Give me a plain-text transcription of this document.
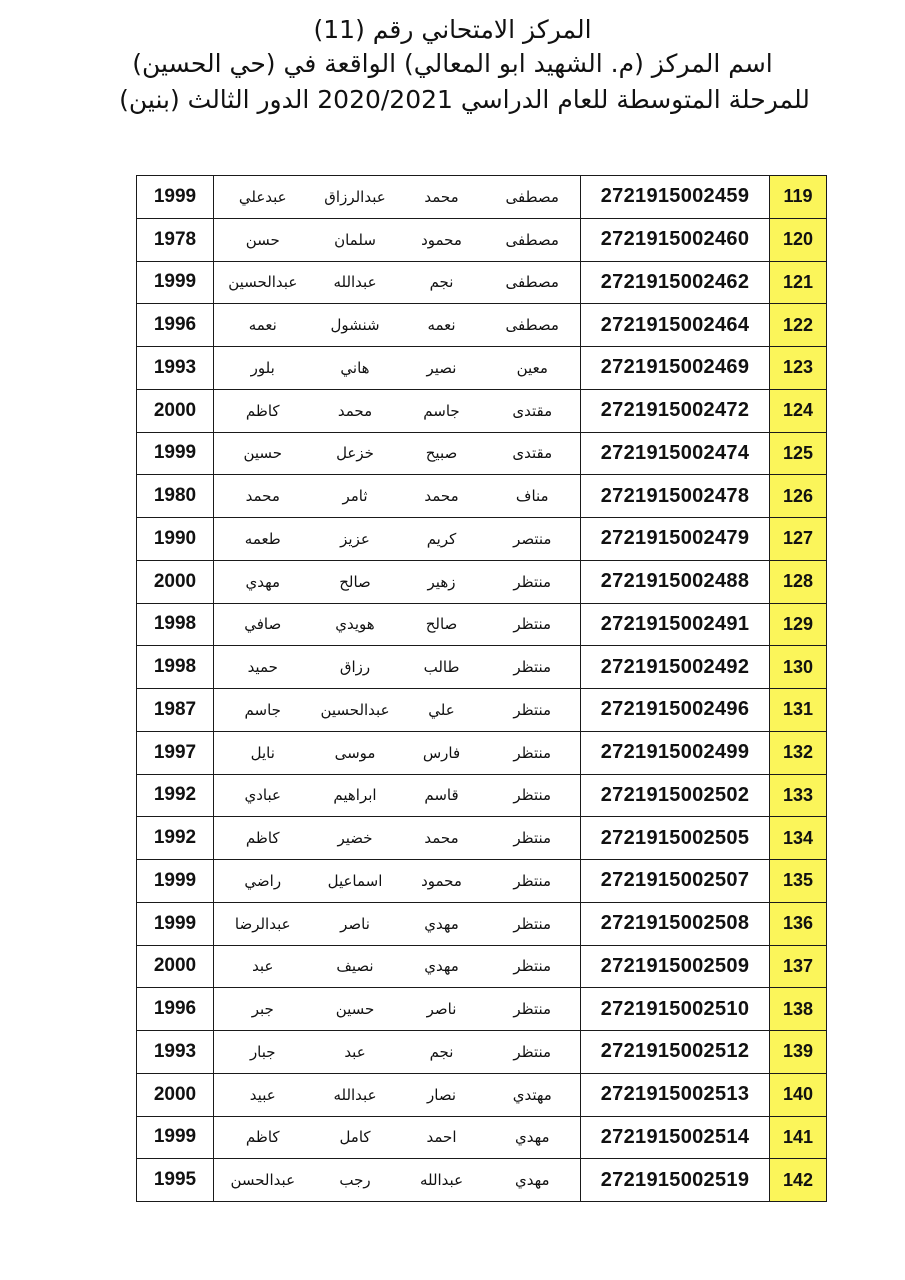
المركز الامتحاني رقم (11)
اسم المركز (م. الشهيد ابو المعالي) الواقعة في (حي الحسين)
للمرحلة المتوسطة للعام الدراسي 2020/2021 الدور الثالث (بنين)
119	2721915002459	مصطفى	محمد	عبدالرزاق	عبدعلي	1999
120	2721915002460	مصطفى	محمود	سلمان	حسن	1978
121	2721915002462	مصطفى	نجم	عبدالله	عبدالحسين	1999
122	2721915002464	مصطفى	نعمه	شنشول	نعمه	1996
123	2721915002469	معين	نصير	هاني	بلور	1993
124	2721915002472	مقتدى	جاسم	محمد	كاظم	2000
125	2721915002474	مقتدى	صبيح	خزعل	حسين	1999
126	2721915002478	مناف	محمد	ثامر	محمد	1980
127	2721915002479	منتصر	كريم	عزيز	طعمه	1990
128	2721915002488	منتظر	زهير	صالح	مهدي	2000
129	2721915002491	منتظر	صالح	هويدي	صافي	1998
130	2721915002492	منتظر	طالب	رزاق	حميد	1998
131	2721915002496	منتظر	علي	عبدالحسين	جاسم	1987
132	2721915002499	منتظر	فارس	موسى	نايل	1997
133	2721915002502	منتظر	قاسم	ابراهيم	عبادي	1992
134	2721915002505	منتظر	محمد	خضير	كاظم	1992
135	2721915002507	منتظر	محمود	اسماعيل	راضي	1999
136	2721915002508	منتظر	مهدي	ناصر	عبدالرضا	1999
137	2721915002509	منتظر	مهدي	نصيف	عبد	2000
138	2721915002510	منتظر	ناصر	حسين	جبر	1996
139	2721915002512	منتظر	نجم	عبد	جبار	1993
140	2721915002513	مهتدي	نصار	عبدالله	عبيد	2000
141	2721915002514	مهدي	احمد	كامل	كاظم	1999
142	2721915002519	مهدي	عبدالله	رجب	عبدالحسن	1995
